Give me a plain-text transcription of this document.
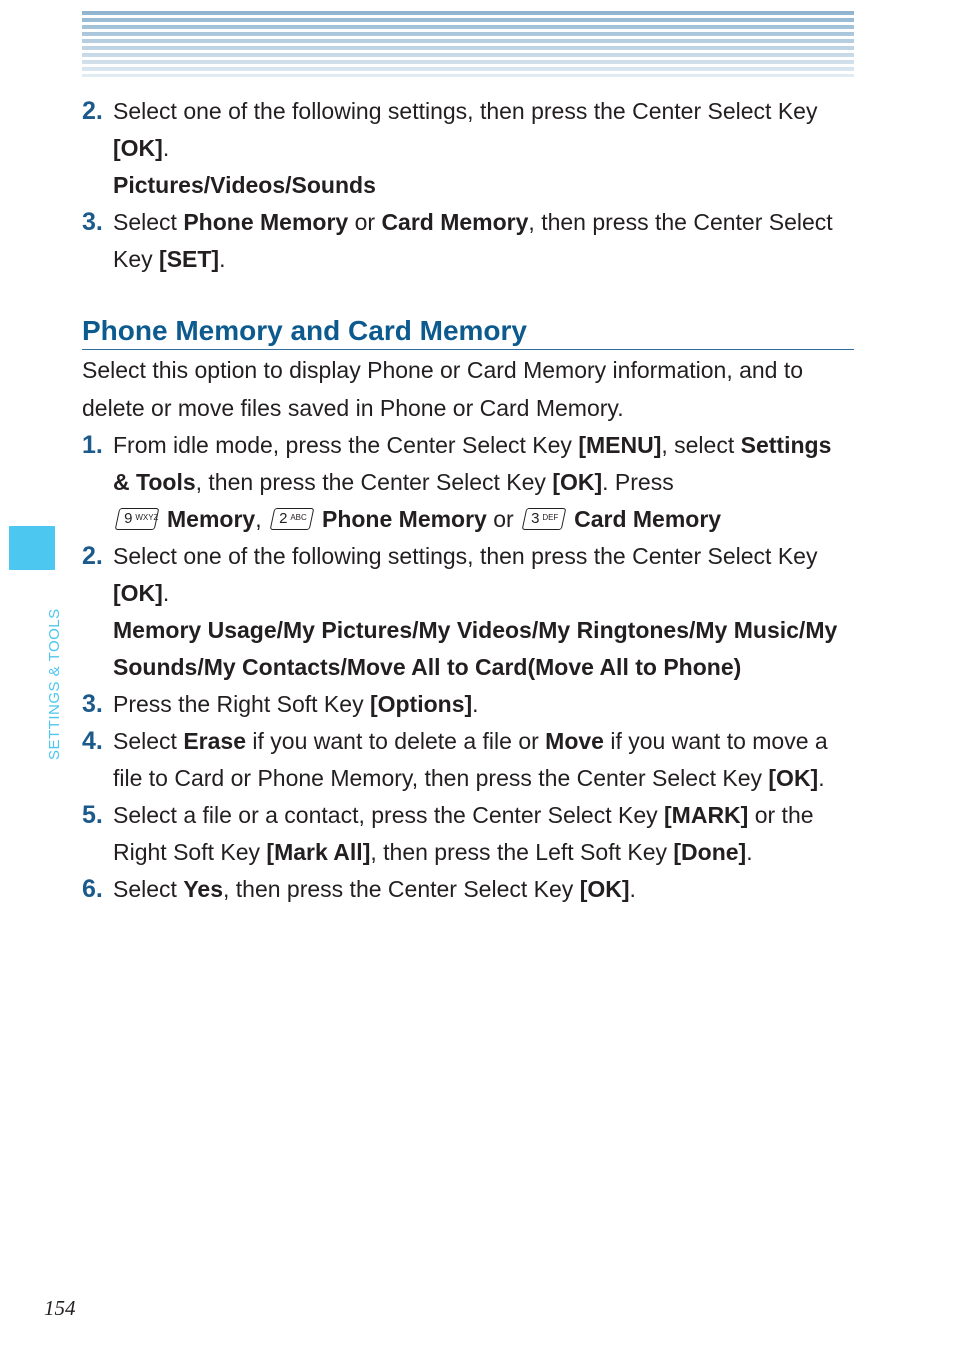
SETTINGS & TOOLS
2. Select one of the following settings, then press the Center Select Key [OK].

Pictures/Videos/Sounds

3. Select Phone Memory or Card Memory, then press the Center Select Key [SET].

Phone Memory and Card Memory

Select this option to display Phone or Card Memory information, and to delete or move files saved in Phone or Card Memory.

1. From idle mode, press the Center Select Key [MENU], select Settings & Tools, then press the Center Select Key [OK]. Press

9 WXYZ Memory, 2 ABC Phone Memory or 3 DEF Card Memory

2. Select one of the following settings, then press the Center Select Key [OK].

Memory Usage/My Pictures/My Videos/My Ringtones/My Music/My Sounds/My Contacts/Move All to Card(Move All to Phone)

3. Press the Right Soft Key [Options].

4. Select Erase if you want to delete a file or Move if you want to move a file to Card or Phone Memory, then press the Center Select Key [OK].

5. Select a file or a contact, press the Center Select Key [MARK] or the Right Soft Key [Mark All], then press the Left Soft Key [Done].

6. Select Yes, then press the Center Select Key [OK].

154
